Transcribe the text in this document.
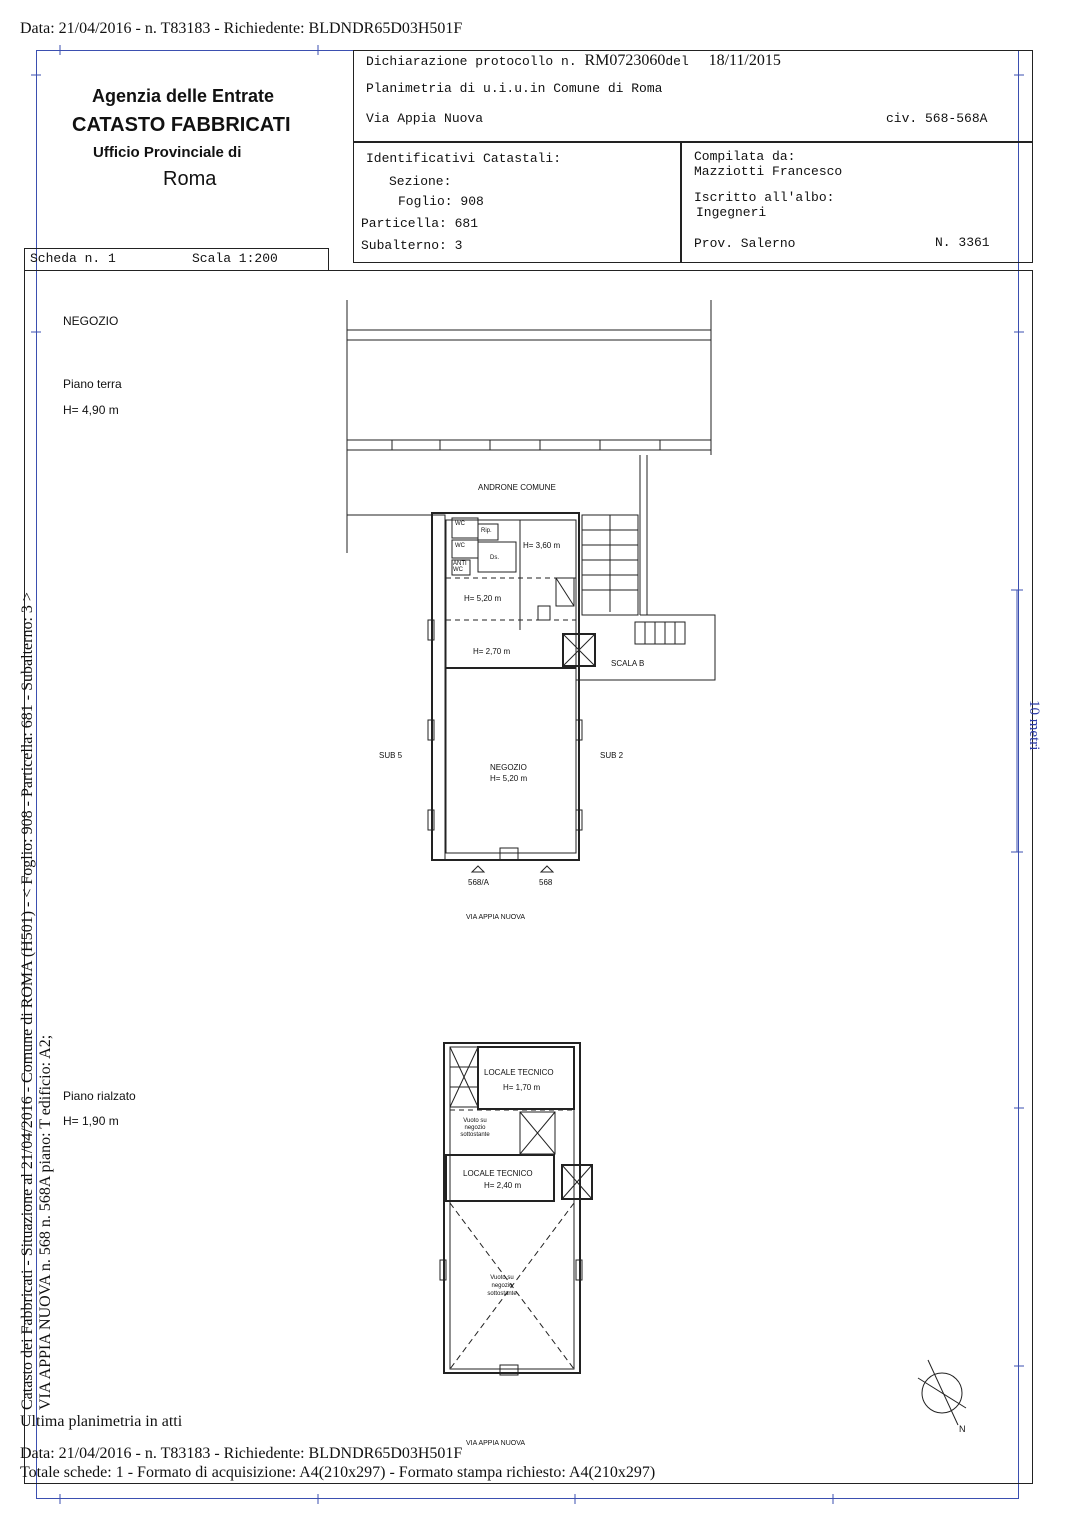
Data: 21/04/2016 - n. T83183 - Richiedente: BLDNDR65D03H501F
Agenzia delle Entrate
CATASTO FABBRICATI
Ufficio Provinciale di
Roma
Dichiarazione protocollo n. RM0723060del 18/11/2015
Planimetria di u.i.u.in Comune di Roma
Via Appia Nuova	civ. 568-568A
Identificativi Catastali:
Sezione:
Foglio: 908
Particella: 681
Subalterno: 3
Compilata da:
Mazziotti Francesco
Iscritto all'albo:
Ingegneri
Prov. Salerno	N. 3361
Scheda n. 1	Scala 1:200
NEGOZIO
Piano terra
H= 4,90 m
Piano rialzato
H= 1,90 m
ANDRONE COMUNE
WC
Rip.
WC
Ds.
ANTI WC
H= 3,60 m
H= 5,20 m
H= 2,70 m
SCALA B
SUB 5	SUB 2
NEGOZIO
H= 5,20 m
568/A	568
VIA APPIA NUOVA
LOCALE TECNICO
H= 1,70 m
Vuoto su negozio sottostante
LOCALE TECNICO
H= 2,40 m
Vuoto su negozio sottostante
VIA APPIA NUOVA
N
10 metri
Catasto dei Fabbricati - Situazione al 21/04/2016 - Comune di ROMA (H501) - < Foglio: 908 - Particella: 681 - Subalterno: 3 > VIA APPIA NUOVA n. 568 n. 568A piano: T edificio: A2;
Ultima planimetria in atti
Data: 21/04/2016 - n. T83183 - Richiedente: BLDNDR65D03H501F
Totale schede: 1 - Formato di acquisizione: A4(210x297) - Formato stampa richiesto: A4(210x297)
